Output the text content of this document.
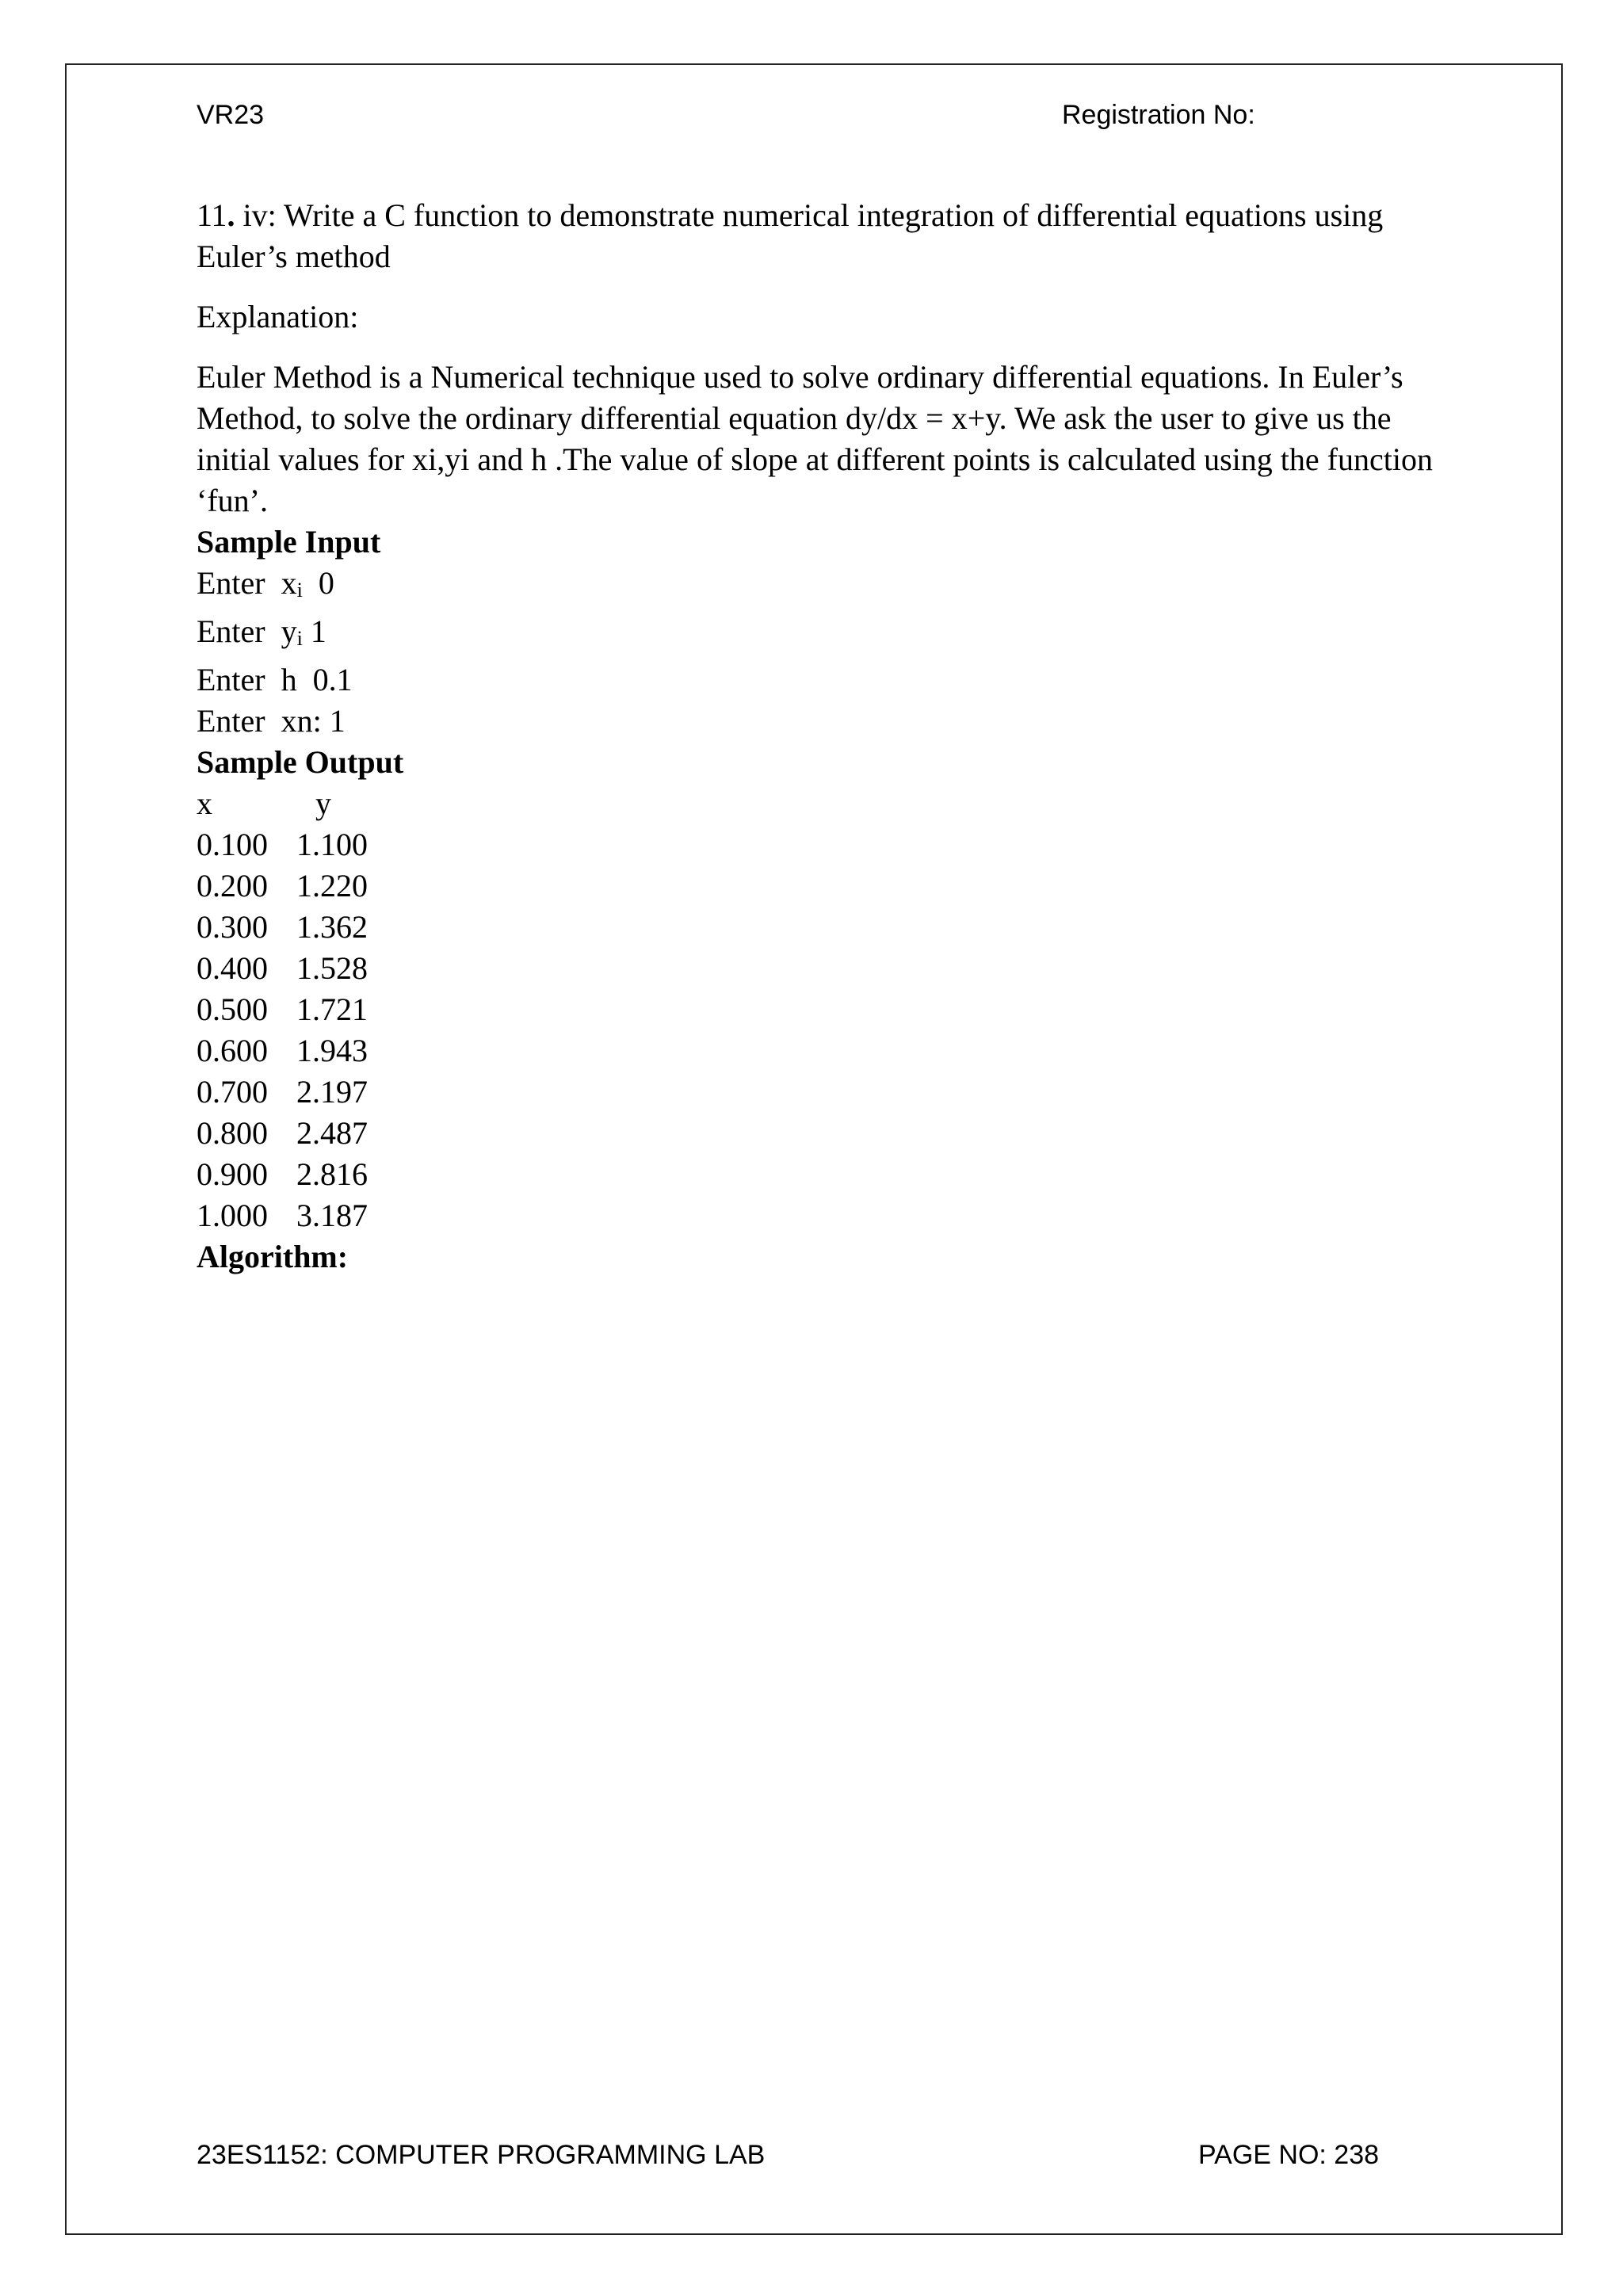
VR23	Registration No:

11. iv: Write a C function to demonstrate numerical integration of differential equations using Euler’s method

Explanation:

Euler Method is a Numerical technique used to solve ordinary differential equations. In Euler’s Method, to solve the ordinary differential equation dy/dx = x+y. We ask the user to give us the initial values for xi,yi and h .The value of slope at different points is calculated using the function ‘fun’.

Sample Input

Enter  xi  0

Enter  yi 1

Enter  h  0.1

Enter  xn: 1

Sample Output

x	y
0.100 1.100
0.200 1.220
0.300 1.362
0.400 1.528
0.500 1.721
0.600 1.943
0.700 2.197
0.800 2.487
0.900 2.816
1.000 3.187

Algorithm:

23ES1152: COMPUTER PROGRAMMING LAB	PAGE NO: 238
